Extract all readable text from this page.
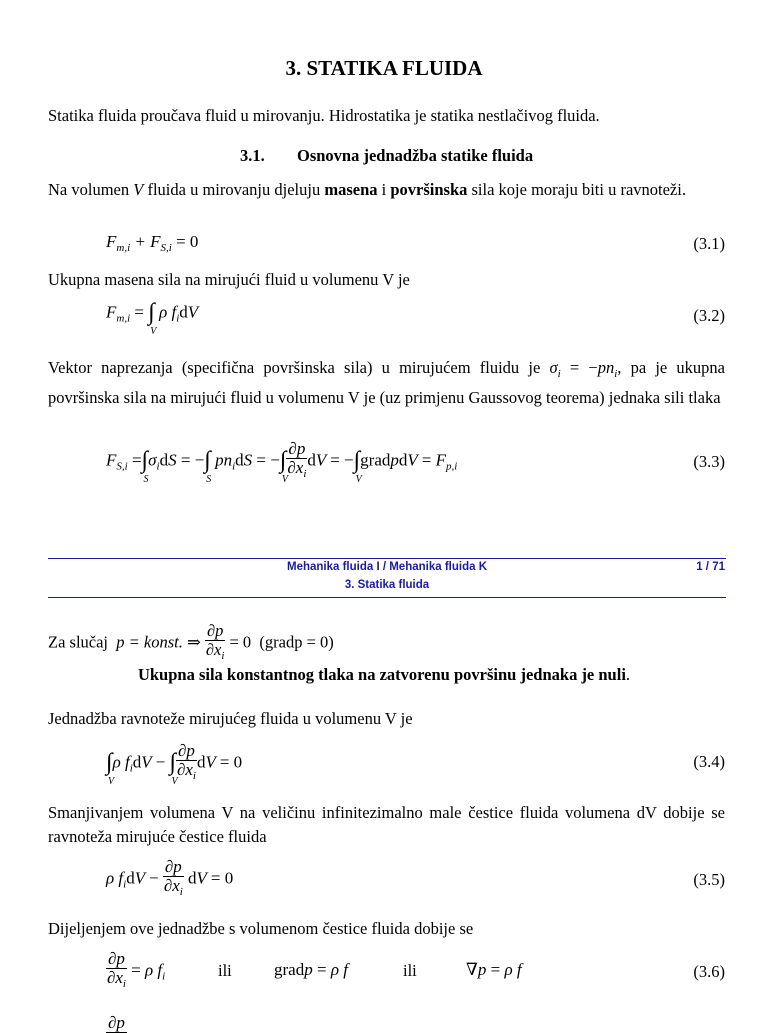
3. STATIKA FLUIDA
Statika fluida proučava fluid u mirovanju. Hidrostatika je statika nestlačivog fluida.
3.1. Osnovna jednadžba statike fluida
Na volumen V fluida u mirovanju djeluju masena i površinska sila koje moraju biti u ravnoteži.
$F_{m,i} + F_{S,i} = 0$	(3.1)
Ukupna masena sila na mirujući fluid u volumenu V je
$F_{m,i}$ = ∫
V
ρ $f_idV$	(3.2)
Vektor naprezanja (specifična površinska sila) u mirujućem fluidu je $\sigma_i = -pn_i$, pa je ukupna površinska sila na mirujući fluid u volumenu V je (uz primjenu Gaussovog teorema) jednaka sili tlaka
$F_{S,i}$ =∫
S
$\sigma_idS$ = −∫
S
$pn_idS$ = −∫
V
$\frac{\partial p}{\partial x_i}$ dV = −∫
V
gradpdV = $F_{p,i}$	(3.3)
Mehanika fluida I / Mehanika fluida K	1 / 71
3. Statika fluida
Za slučaj p = konst. ⇒ $\frac{\partial p}{\partial x_i} = 0$  (gradp = 0)
Ukupna sila konstantnog tlaka na zatvorenu površinu jednaka je nuli.
Jednadžba ravnoteže mirujućeg fluida u volumenu V je
∫
V
ρ $f_idV$ − ∫
V
$\frac{\partial p}{\partial x_i}$ dV = 0	(3.4)
Smanjivanjem volumena V na veličinu infinitezimalno male čestice fluida volumena dV dobije se ravnoteža mirujuće čestice fluida
ρ $f_idV - \frac{\partial p}{\partial x_i}$ dV = 0	(3.5)
Dijeljenjem ove jednadžbe s volumenom čestice fluida dobije se
$\frac{\partial p}{\partial x_i} = \rho$ $f_i$	ili gradp = ρ f⃗	ili	∇p = ρ f⃗	(3.6)
∂p
